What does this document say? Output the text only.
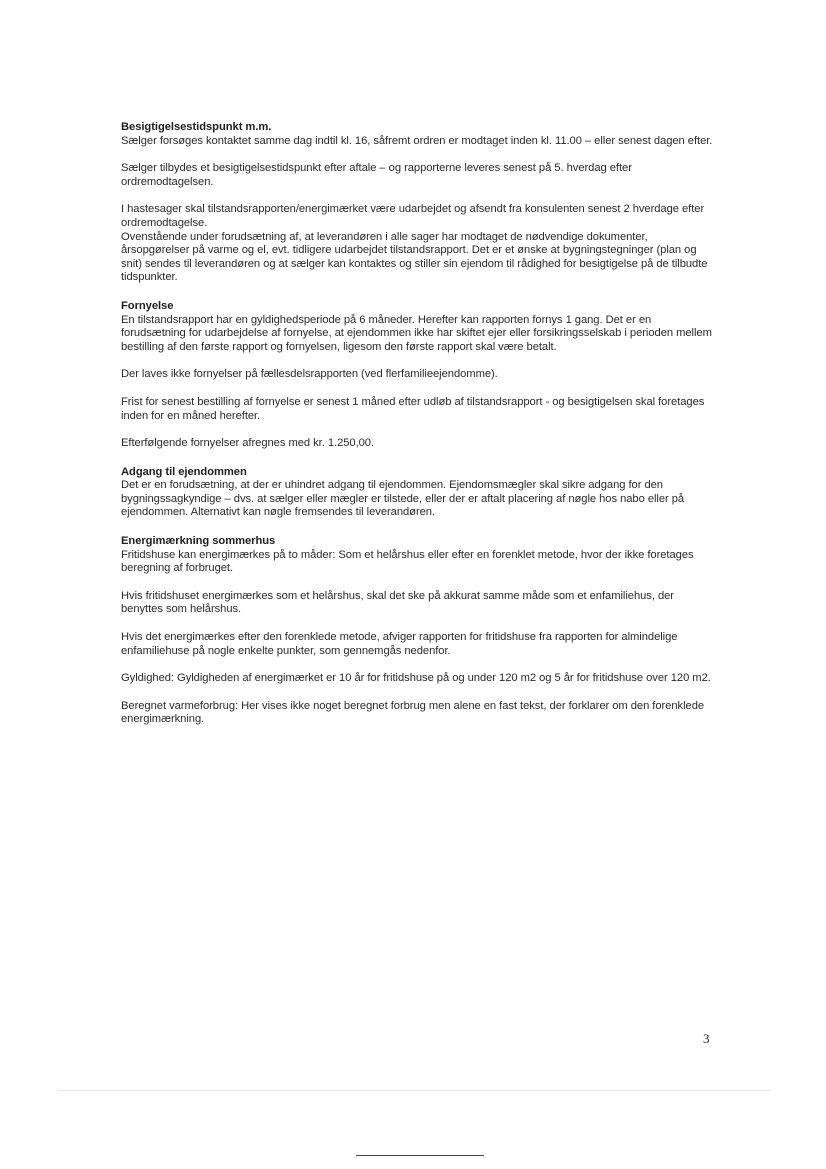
Besigtigelsestidspunkt m.m.

Sælger forsøges kontaktet samme dag indtil kl. 16, såfremt ordren er modtaget inden kl. 11.00 – eller senest dagen efter.

Sælger tilbydes et besigtigelsestidspunkt efter aftale – og rapporterne leveres senest på 5. hverdag efter ordremodtagelsen.

I hastesager skal tilstandsrapporten/energimærket være udarbejdet og afsendt fra konsulenten senest 2 hverdage efter ordremodtagelse.

Ovenstående under forudsætning af, at leverandøren i alle sager har modtaget de nødvendige dokumenter, årsopgørelser på varme og el, evt. tidligere udarbejdet tilstandsrapport. Det er et ønske at bygningstegninger (plan og snit) sendes til leverandøren og at sælger kan kontaktes og stiller sin ejendom til rådighed for besigtigelse på de tilbudte tidspunkter.

Fornyelse

En tilstandsrapport har en gyldighedsperiode på 6 måneder. Herefter kan rapporten fornys 1 gang. Det er en forudsætning for udarbejdelse af fornyelse, at ejendommen ikke har skiftet ejer eller forsikringsselskab i perioden mellem bestilling af den første rapport og fornyelsen, ligesom den første rapport skal være betalt.

Der laves ikke fornyelser på fællesdelsrapporten (ved flerfamilieejendomme).

Frist for senest bestilling af fornyelse er senest 1 måned efter udløb af tilstandsrapport - og besigtigelsen skal foretages inden for en måned herefter.

Efterfølgende fornyelser afregnes med kr. 1.250,00.

Adgang til ejendommen

Det er en forudsætning, at der er uhindret adgang til ejendommen. Ejendomsmægler skal sikre adgang for den bygningssagkyndige – dvs. at sælger eller mægler er tilstede, eller der er aftalt placering af nøgle hos nabo eller på ejendommen. Alternativt kan nøgle fremsendes til leverandøren.

Energimærkning sommerhus

Fritidshuse kan energimærkes på to måder: Som et helårshus eller efter en forenklet metode, hvor der ikke foretages beregning af forbruget.

Hvis fritidshuset energimærkes som et helårshus, skal det ske på akkurat samme måde som et enfamiliehus, der benyttes som helårshus.

Hvis det energimærkes efter den forenklede metode, afviger rapporten for fritidshuse fra rapporten for almindelige enfamiliehuse på nogle enkelte punkter, som gennemgås nedenfor.

Gyldighed: Gyldigheden af energimærket er 10 år for fritidshuse på og under 120 m2 og 5 år for fritidshuse over 120 m2.

Beregnet varmeforbrug: Her vises ikke noget beregnet forbrug men alene en fast tekst, der forklarer om den forenklede energimærkning.

3
